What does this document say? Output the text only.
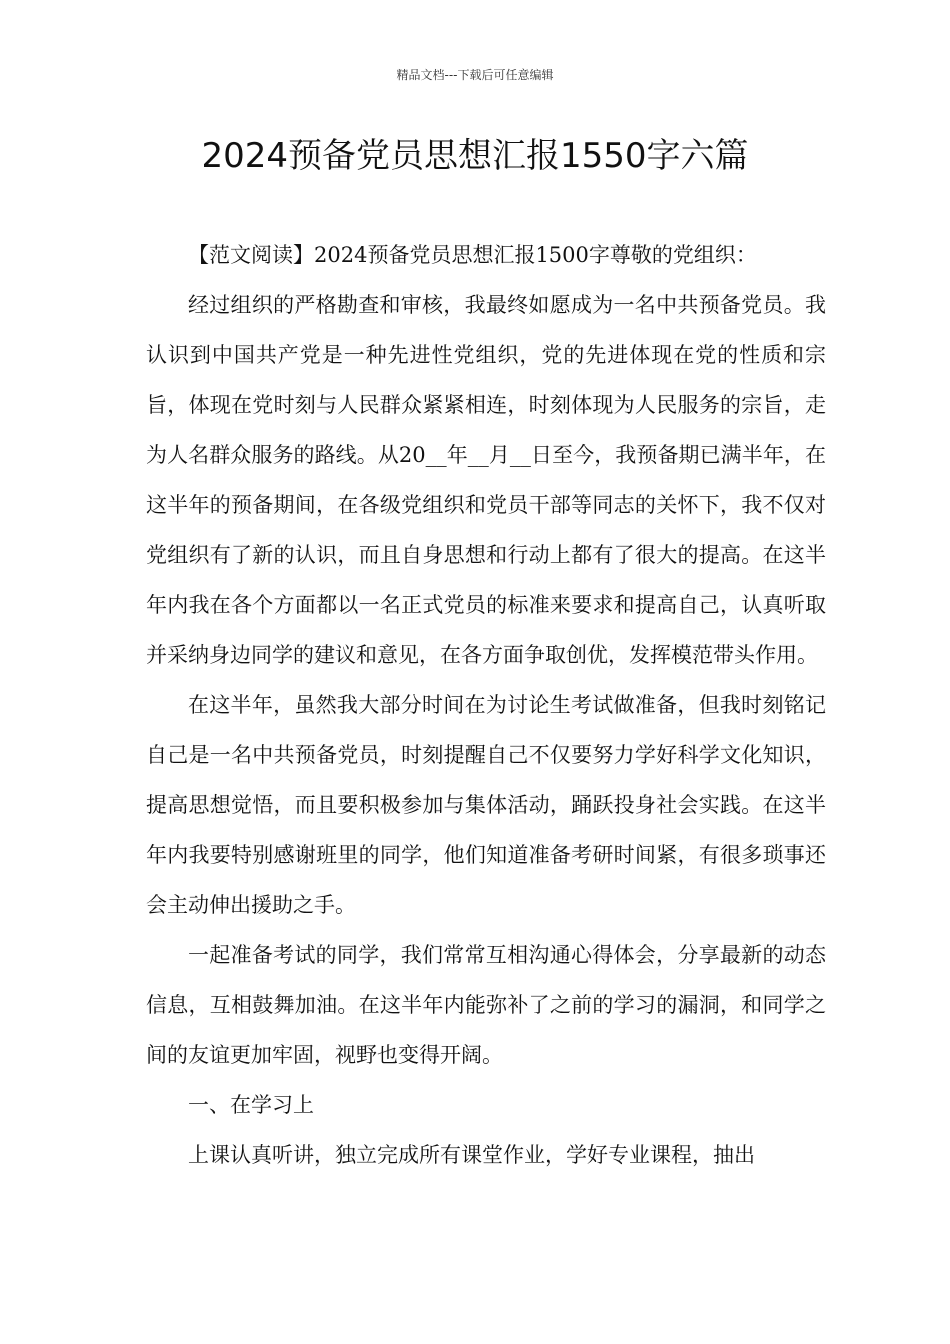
精品文档---下载后可任意编辑
2024预备党员思想汇报1550字六篇

【范文阅读】2024预备党员思想汇报1500字尊敬的党组织：

经过组织的严格勘查和审核，我最终如愿成为一名中共预备党员。我认识到中国共产党是一种先进性党组织，党的先进体现在党的性质和宗旨，体现在党时刻与人民群众紧紧相连，时刻体现为人民服务的宗旨，走为人名群众服务的路线。从20__年__月__日至今，我预备期已满半年，在这半年的预备期间，在各级党组织和党员干部等同志的关怀下，我不仅对党组织有了新的认识，而且自身思想和行动上都有了很大的提高。在这半年内我在各个方面都以一名正式党员的标准来要求和提高自己，认真听取并采纳身边同学的建议和意见，在各方面争取创优，发挥模范带头作用。

在这半年，虽然我大部分时间在为讨论生考试做准备，但我时刻铭记自己是一名中共预备党员，时刻提醒自己不仅要努力学好科学文化知识，提高思想觉悟，而且要积极参加与集体活动，踊跃投身社会实践。在这半年内我要特别感谢班里的同学，他们知道准备考研时间紧，有很多琐事还会主动伸出援助之手。

一起准备考试的同学，我们常常互相沟通心得体会，分享最新的动态信息，互相鼓舞加油。在这半年内能弥补了之前的学习的漏洞，和同学之间的友谊更加牢固，视野也变得开阔。

一、在学习上

上课认真听讲，独立完成所有课堂作业，学好专业课程，抽出
